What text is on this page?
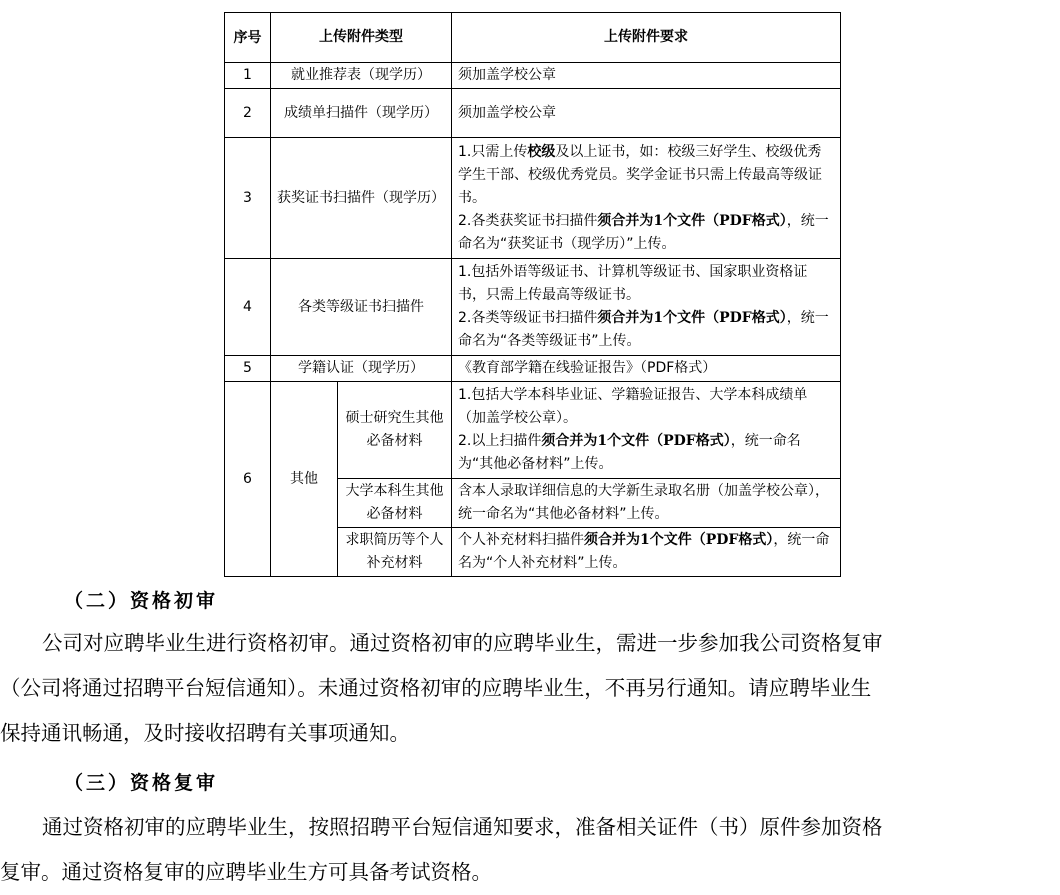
序号	上传附件类型		上传附件要求
1	就业推荐表（现学历）		须加盖学校公章
2	成绩单扫描件（现学历）		须加盖学校公章
3	获奖证书扫描件（现学历）		1.只需上传校级及以上证书，如：校级三好学生、校级优秀学生干部、校级优秀党员。奖学金证书只需上传最高等级证书。
2.各类获奖证书扫描件须合并为1个文件（PDF格式），统一命名为“获奖证书（现学历）”上传。

4	各类等级证书扫描件		1.包括外语等级证书、计算机等级证书、国家职业资格证书，只需上传最高等级证书。
2.各类等级证书扫描件须合并为1个文件（PDF格式），统一命名为“各类等级证书”上传。

5	学籍认证（现学历）		《教育部学籍在线验证报告》（PDF格式）
6	其他	硕士研究生其他必备材料	1.包括大学本科毕业证、学籍验证报告、大学本科成绩单（加盖学校公章）。
2.以上扫描件须合并为1个文件（PDF格式），统一命名为“其他必备材料”上传。

		大学本科生其他必备材料	含本人录取详细信息的大学新生录取名册（加盖学校公章），统一命名为“其他必备材料”上传。
		求职简历等个人补充材料	个人补充材料扫描件须合并为1个文件（PDF格式），统一命名为“个人补充材料”上传。
（二）资格初审
公司对应聘毕业生进行资格初审。通过资格初审的应聘毕业生，需进一步参加我公司资格复审
（公司将通过招聘平台短信通知）。未通过资格初审的应聘毕业生，不再另行通知。请应聘毕业生
保持通讯畅通，及时接收招聘有关事项通知。
（三）资格复审
通过资格初审的应聘毕业生，按照招聘平台短信通知要求，准备相关证件（书）原件参加资格
复审。通过资格复审的应聘毕业生方可具备考试资格。
